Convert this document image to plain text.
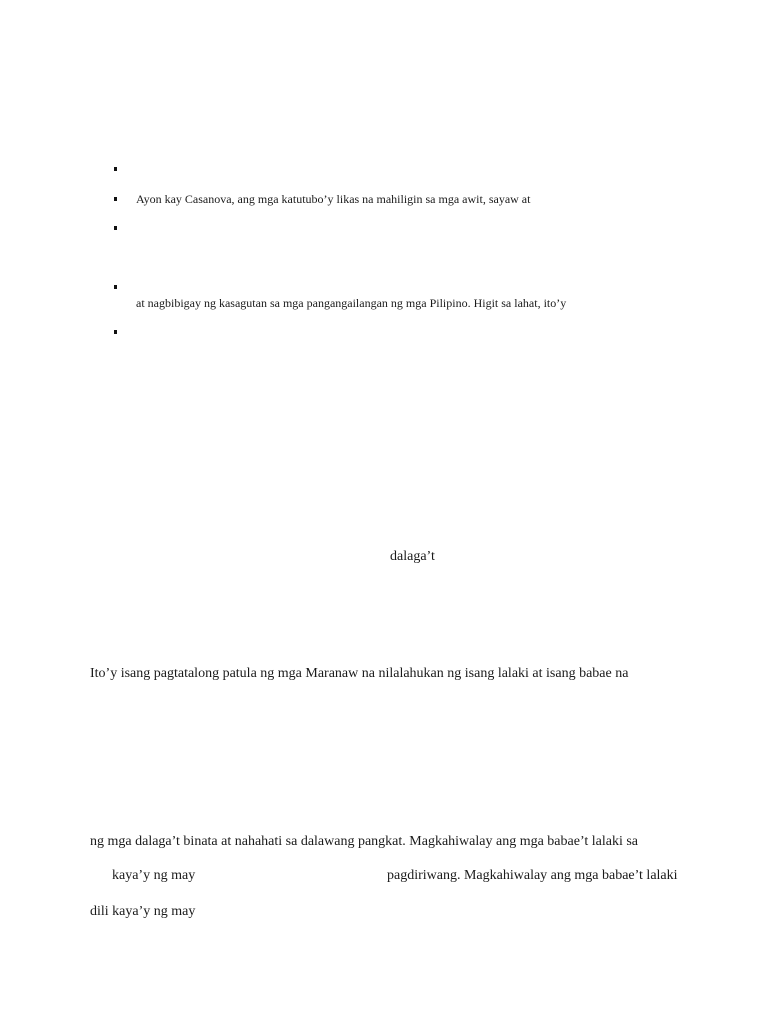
Ayon kay Casanova, ang mga katutubo’y likas na mahiligin sa mga awit, sayaw at
at nagbibigay ng kasagutan sa mga pangangailangan ng mga Pilipino. Higit sa lahat, ito’y
dalaga’t
Ito’y isang pagtatalong patula ng mga Maranaw na nilalahukan ng isang lalaki at isang babae na
ng mga dalaga’t binata at nahahati sa dalawang pangkat. Magkahiwalay ang mga babae’t lalaki sa
kaya’y ng may	pagdiriwang. Magkahiwalay ang mga babae’t lalaki
dili kaya’y ng may
